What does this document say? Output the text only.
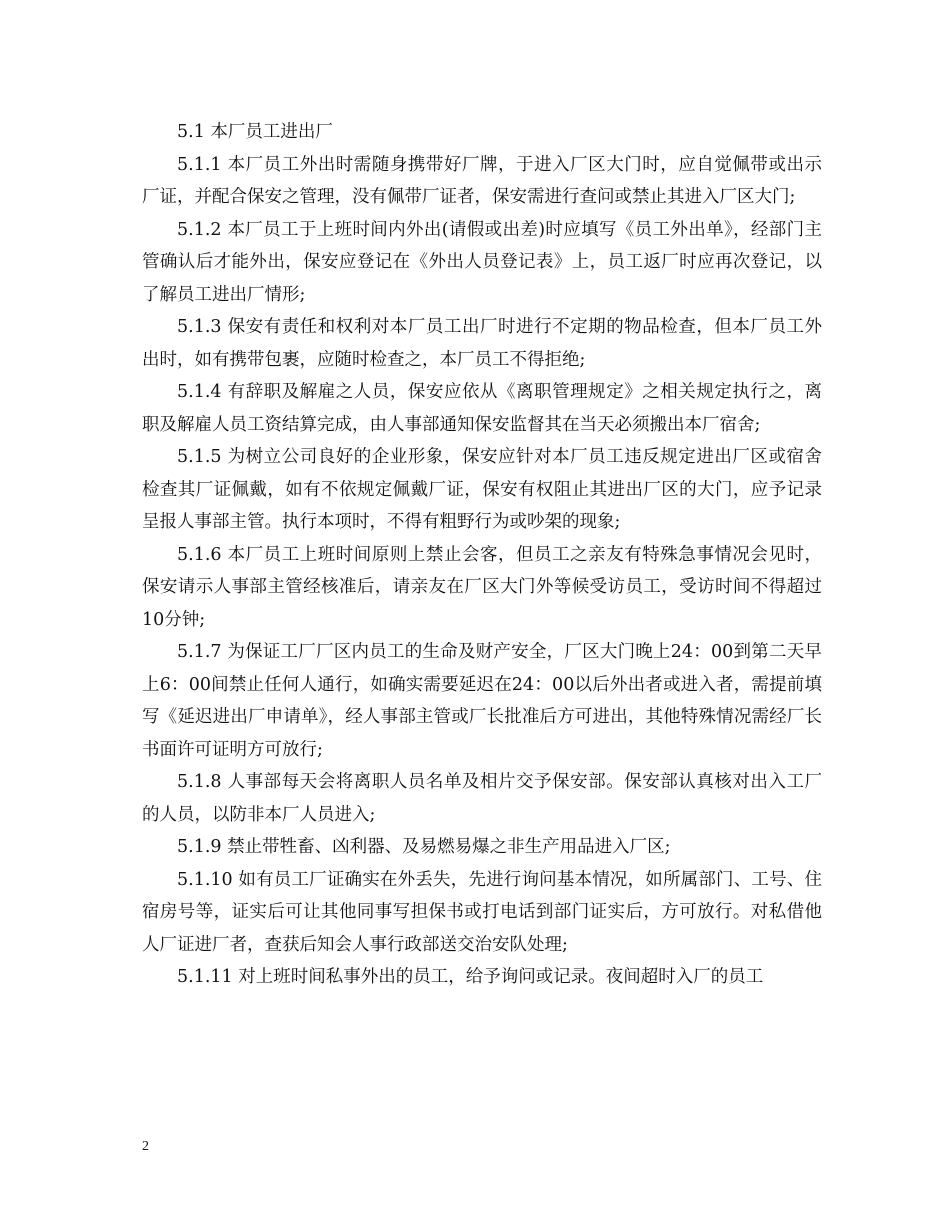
5.1 本厂员工进出厂

5.1.1 本厂员工外出时需随身携带好厂牌，于进入厂区大门时，应自觉佩带或出示厂证，并配合保安之管理，没有佩带厂证者，保安需进行查问或禁止其进入厂区大门;

5.1.2 本厂员工于上班时间内外出(请假或出差)时应填写《员工外出单》，经部门主管确认后才能外出，保安应登记在《外出人员登记表》上，员工返厂时应再次登记，以了解员工进出厂情形;

5.1.3 保安有责任和权利对本厂员工出厂时进行不定期的物品检查，但本厂员工外出时，如有携带包裹，应随时检查之，本厂员工不得拒绝;

5.1.4 有辞职及解雇之人员，保安应依从《离职管理规定》之相关规定执行之，离职及解雇人员工资结算完成，由人事部通知保安监督其在当天必须搬出本厂宿舍;

5.1.5 为树立公司良好的企业形象，保安应针对本厂员工违反规定进出厂区或宿舍检查其厂证佩戴，如有不依规定佩戴厂证，保安有权阻止其进出厂区的大门，应予记录呈报人事部主管。执行本项时，不得有粗野行为或吵架的现象;

5.1.6 本厂员工上班时间原则上禁止会客，但员工之亲友有特殊急事情况会见时，保安请示人事部主管经核准后，请亲友在厂区大门外等候受访员工，受访时间不得超过10分钟;

5.1.7 为保证工厂厂区内员工的生命及财产安全，厂区大门晚上24：00到第二天早上6：00间禁止任何人通行，如确实需要延迟在24：00以后外出者或进入者，需提前填写《延迟进出厂申请单》，经人事部主管或厂长批准后方可进出，其他特殊情况需经厂长书面许可证明方可放行;

5.1.8 人事部每天会将离职人员名单及相片交予保安部。保安部认真核对出入工厂的人员，以防非本厂人员进入;

5.1.9 禁止带牲畜、凶利器、及易燃易爆之非生产用品进入厂区;

5.1.10 如有员工厂证确实在外丢失，先进行询问基本情况，如所属部门、工号、住宿房号等，证实后可让其他同事写担保书或打电话到部门证实后，方可放行。对私借他人厂证进厂者，查获后知会人事行政部送交治安队处理;

5.1.11 对上班时间私事外出的员工，给予询问或记录。夜间超时入厂的员工

2
